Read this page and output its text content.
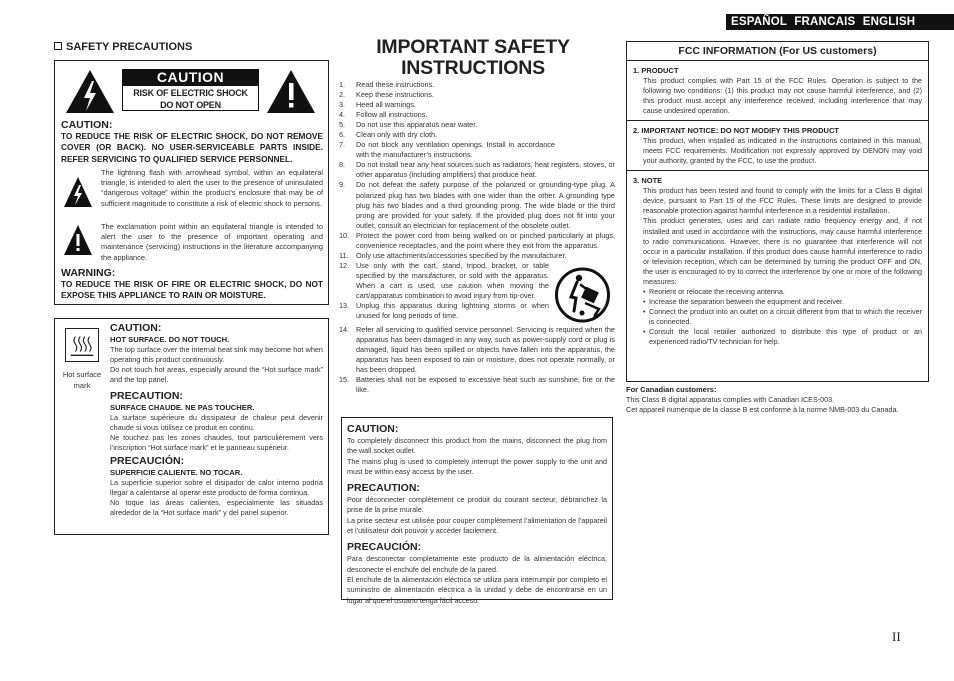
ESPAÑOL FRANCAIS ENGLISH
SAFETY PRECAUTIONS
CAUTION
RISK OF ELECTRIC SHOCK
DO NOT OPEN
CAUTION:
TO REDUCE THE RISK OF ELECTRIC SHOCK, DO NOT REMOVE COVER (OR BACK). NO USER-SERVICEABLE PARTS INSIDE. REFER SERVICING TO QUALIFIED SERVICE PERSONNEL.
The lightning flash with arrowhead symbol, within an equilateral triangle, is intended to alert the user to the presence of uninsulated “dangerous voltage” within the product’s enclosure that may be of sufficient magnitude to constitute a risk of electric shock to persons.
The exclamation point within an equilateral triangle is intended to alert the user to the presence of important operating and maintenance (servicing) instructions in the literature accompanying the appliance.
WARNING:
TO REDUCE THE RISK OF FIRE OR ELECTRIC SHOCK, DO NOT EXPOSE THIS APPLIANCE TO RAIN OR MOISTURE.
Hot surface mark
CAUTION:
HOT SURFACE. DO NOT TOUCH.
The top surface over the internal heat sink may become hot when operating this product continuously.
Do not touch hot areas, especially around the “Hot surface mark” and the top panel.
PRECAUTION:
SURFACE CHAUDE. NE PAS TOUCHER.
La surface supérieure du dissipateur de chaleur peut devenir chaude si vous utilisez ce produit en continu.
Ne touchez pas les zones chaudes, tout particulièrement vers l’inscription “Hot surface mark” et le panneau supérieur.
PRECAUCIÓN:
SUPERFICIE CALIENTE. NO TOCAR.
La superficie superior sobre el disipador de calor interno podría llegar a calentarse al operar este producto de forma continua.
No toque las áreas calientes, especialmente las situadas alrededor de la “Hot surface mark” y del panel superior.
IMPORTANT SAFETY
INSTRUCTIONS
1. Read these instructions.
2. Keep these instructions.
3. Heed all warnings.
4. Follow all instructions.
5. Do not use this apparatus near water.
6. Clean only with dry cloth.
7. Do not block any ventilation openings. Install in accordance with the manufacturer’s instructions.
8. Do not install near any heat sources such as radiators, heat registers, stoves, or other apparatus (including amplifiers) that produce heat.
9. Do not defeat the safety purpose of the polarized or grounding-type plug. A polarized plug has two blades with one wider than the other. A grounding type plug has two blades and a third grounding prong. The wide blade or the third prong are provided for your safety. If the provided plug does not fit into your outlet, consult an electrician for replacement of the obsolete outlet.
10. Protect the power cord from being walked on or pinched particularly at plugs, convenience receptacles, and the point where they exit from the apparatus.
11. Only use attachments/accessories specified by the manufacturer.
12. Use only with the cart, stand, tripod, bracket, or table specified by the manufacturer, or sold with the apparatus. When a cart is used, use caution when moving the cart/apparatus combination to avoid injury from tip-over.
13. Unplug this apparatus during lightning storms or when unused for long periods of time.
14. Refer all servicing to qualified service personnel. Servicing is required when the apparatus has been damaged in any way, such as power-supply cord or plug is damaged, liquid has been spilled or objects have fallen into the apparatus, the apparatus has been exposed to rain or moisture, does not operate normally, or has been dropped.
15. Batteries shall not be exposed to excessive heat such as sunshine, fire or the like.
CAUTION:
To completely disconnect this product from the mains, disconnect the plug from the wall socket outlet.
The mains plug is used to completely interrupt the power supply to the unit and must be within easy access by the user.
PRECAUTION:
Pour déconnecter complètement ce produit du courant secteur, débranchez la prise de la prise murale.
La prise secteur est utilisée pour couper complètement l’alimentation de l’appareil et l’utilisateur doit pouvoir y accéder facilement.
PRECAUCIÓN:
Para desconectar completamente este producto de la alimentación eléctrica, desconecte el enchufe del enchufe de la pared.
El enchufe de la alimentación eléctrica se utiliza para interrumpir por completo el suministro de alimentación eléctrica a la unidad y debe de encontrarse en un lugar al que el usuario tenga fácil acceso.
FCC INFORMATION (For US customers)
1. PRODUCT
This product complies with Part 15 of the FCC Rules. Operation is subject to the following two conditions: (1) this product may not cause harmful interference, and (2) this product must accept any interference received, including interference that may cause undesired operation.
2. IMPORTANT NOTICE: DO NOT MODIFY THIS PRODUCT
This product, when installed as indicated in the instructions contained in this manual, meets FCC requirements. Modification not expressly approved by DENON may void your authority, granted by the FCC, to use the product.
3. NOTE
This product has been tested and found to comply with the limits for a Class B digital device, pursuant to Part 15 of the FCC Rules. These limits are designed to provide reasonable protection against harmful interference in a residential installation.
This product generates, uses and can radiate radio frequency energy and, if not installed and used in accordance with the instructions, may cause harmful interference to radio communications. However, there is no guarantee that interference will not occur in a particular installation. If this product does cause harmful interference to radio or television reception, which can be determined by turning the product OFF and ON, the user is encouraged to try to correct the interference by one or more of the following measures:
• Reorient or relocate the receiving antenna.
• Increase the separation between the equipment and receiver.
• Connect the product into an outlet on a circuit different from that to which the receiver is connected.
• Consult the local retailer authorized to distribute this type of product or an experienced radio/TV technician for help.
For Canadian customers:
This Class B digital apparatus complies with Canadian ICES-003.
Cet appareil numérique de la classe B est conforme à la norme NMB-003 du Canada.
II
